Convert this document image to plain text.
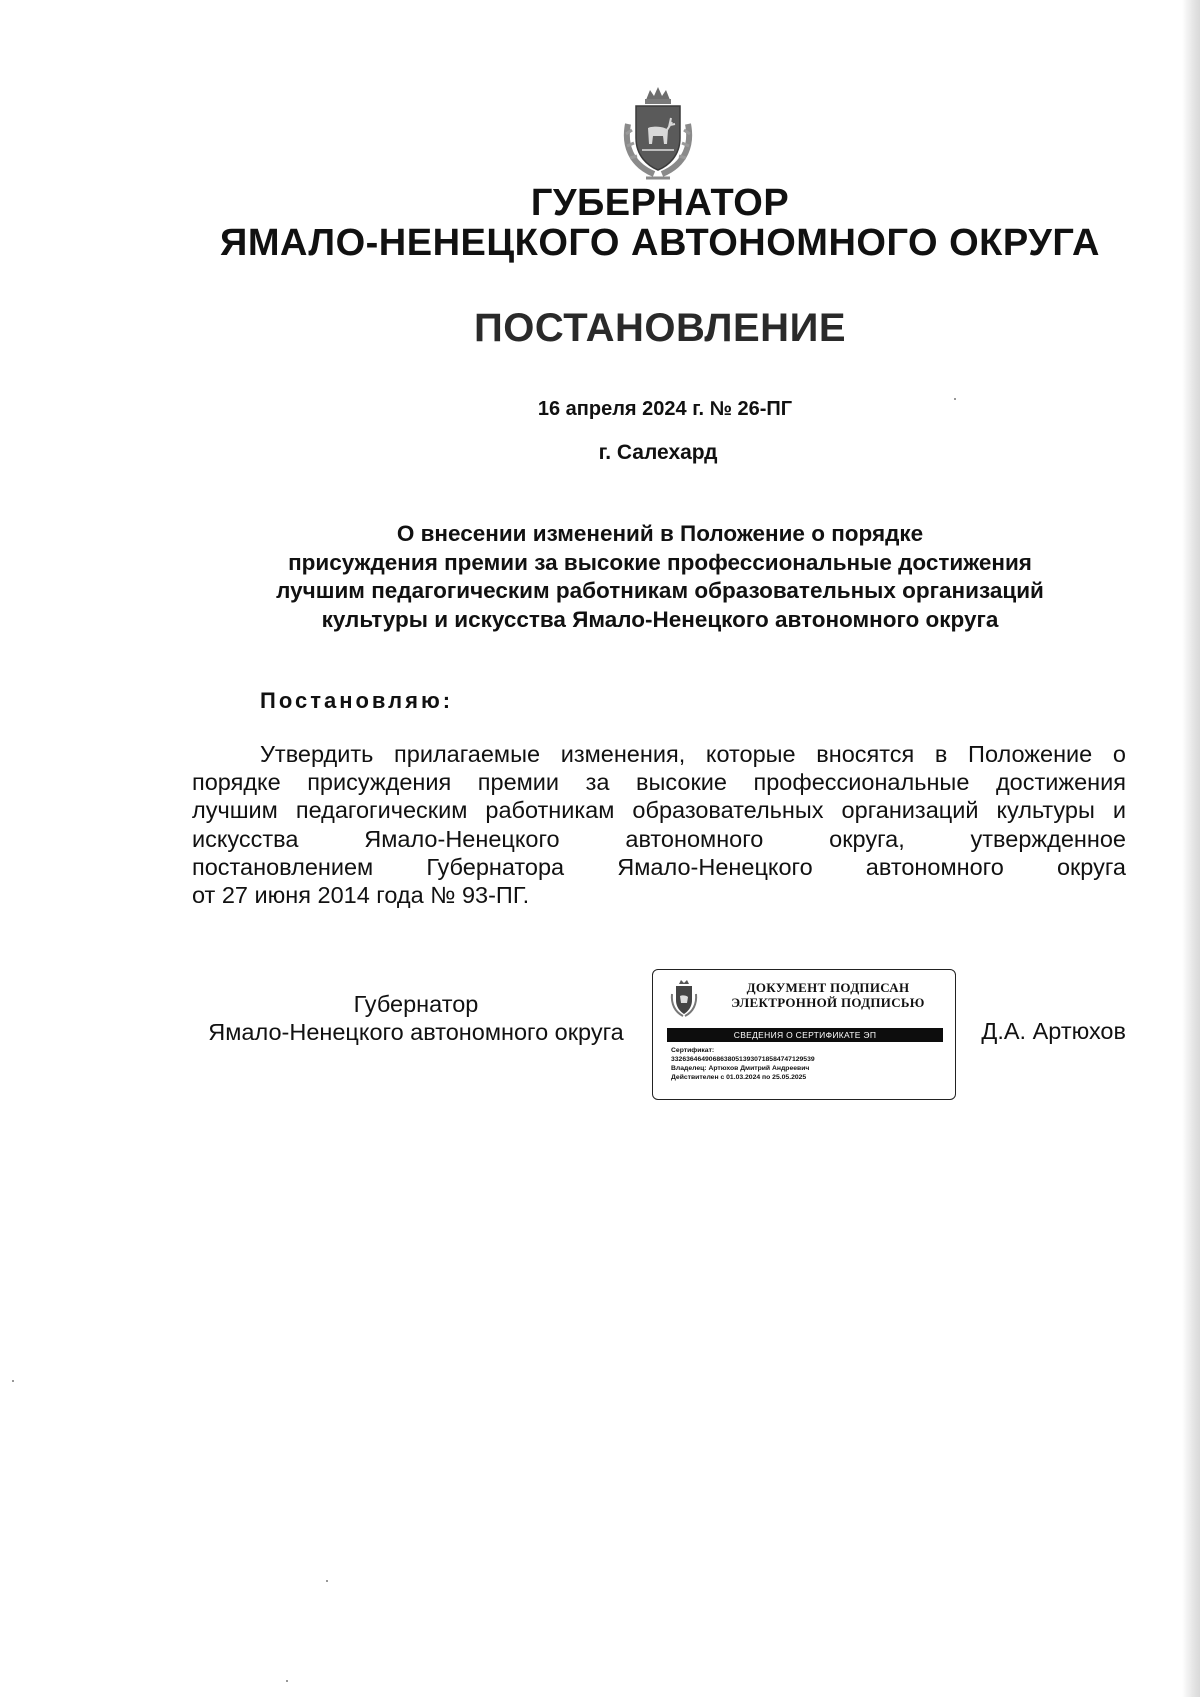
ГУБЕРНАТОР
ЯМАЛО-НЕНЕЦКОГО АВТОНОМНОГО ОКРУГА
ПОСТАНОВЛЕНИЕ
16 апреля 2024 г. № 26-ПГ
г. Салехард
О внесении изменений в Положение о порядке
присуждения премии за высокие профессиональные достижения
лучшим педагогическим работникам образовательных организаций
культуры и искусства Ямало-Ненецкого автономного округа
Постановляю:
Утвердить прилагаемые изменения, которые вносятся в Положение о
порядке присуждения премии за высокие профессиональные достижения
лучшим педагогическим работникам образовательных организаций культуры и
искусства Ямало-Ненецкого автономного округа, утвержденное
постановлением Губернатора Ямало-Ненецкого автономного округа
от 27 июня 2014 года № 93-ПГ.
Губернатор
Ямало-Ненецкого автономного округа
ДОКУМЕНТ ПОДПИСАН
ЭЛЕКТРОННОЙ ПОДПИСЬЮ
СВЕДЕНИЯ О СЕРТИФИКАТЕ ЭП
Сертификат:
33263646490686380513930718584747129539
Владелец: Артюхов Дмитрий Андреевич
Действителен с 01.03.2024 по 25.05.2025
Д.А. Артюхов
